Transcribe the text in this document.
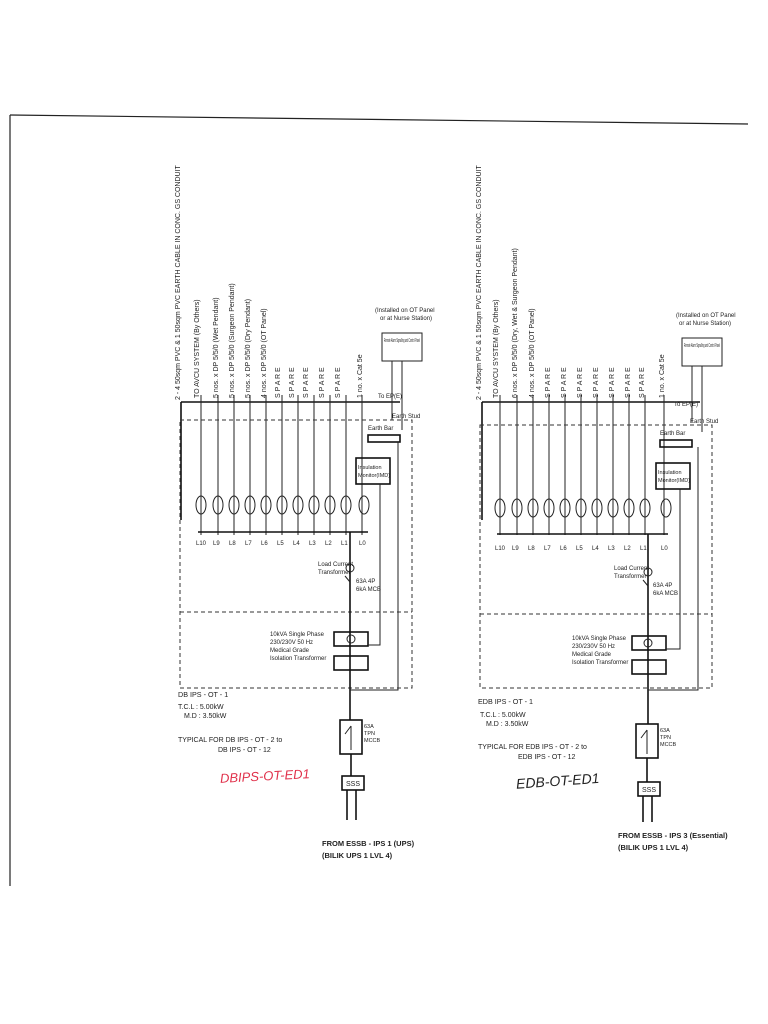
2 - 4 50sqm PVC & 1 50sqm PVC EARTH CABLE IN CONC. GS CONDUIT TO AVCU SYSTEM (By Others) 5 nos. x DP 5/5/0 (Wet Pendant) 5 nos. x DP 5/5/0 (Surgeon Pendant) 5 nos. x DP 5/5/0 (Dry Pendant) 4 nos. x DP 5/5/0 (OT Panel) S P A R E S P A R E S P A R E S P A R E S P A R E 1 no. x Cat 5e
(Installed on OT Panel
or at Nurse Station)
Remote Alarm Signalling and Control Panel
To EP(E)
Earth Stud
Earth Bar
Insulation
Monitor(IMD)
L10 L9 L8 L7 L6 L5 L4 L3 L2 L1 L0
Load Current
Transformer
63A 4P
6kA MCB
10kVA Single Phase
230/230V 50 Hz
Medical Grade
Isolation Transformer
DB IPS - OT - 1
T.C.L : 5.00kW
M.D : 3.50kW
TYPICAL FOR DB IPS - OT - 2 to
DB IPS - OT - 12
63A
TPN
MCCB
SSS
DBIPS-OT-ED1
FROM ESSB - IPS 1 (UPS)
(BILIK UPS 1 LVL 4)
2 - 4 50sqm PVC & 1 50sqm PVC EARTH CABLE IN CONC. GS CONDUIT TO AVCU SYSTEM (By Others) 6 nos. x DP 5/5/0 (Dry, Wet & Surgeon Pendant) 4 nos. x DP 5/5/0 (OT Panel) S P A R E S P A R E S P A R E S P A R E S P A R E S P A R E S P A R E 1 no. x Cat 5e
(Installed on OT Panel
or at Nurse Station)
Remote Alarm Signalling and Control Panel
To EP(E)
Earth Stud
Earth Bar
Insulation
Monitor(IMD)
L10 L9 L8 L7 L6 L5 L4 L3 L2 L1 L0
Load Current
Transformer
63A 4P
6kA MCB
10kVA Single Phase
230/230V 50 Hz
Medical Grade
Isolation Transformer
EDB IPS - OT - 1
T.C.L : 5.00kW
M.D : 3.50kW
TYPICAL FOR EDB IPS - OT - 2 to
EDB IPS - OT - 12
63A
TPN
MCCB
SSS
EDB-OT-ED1
FROM ESSB - IPS 3 (Essential)
(BILIK UPS 1 LVL 4)
